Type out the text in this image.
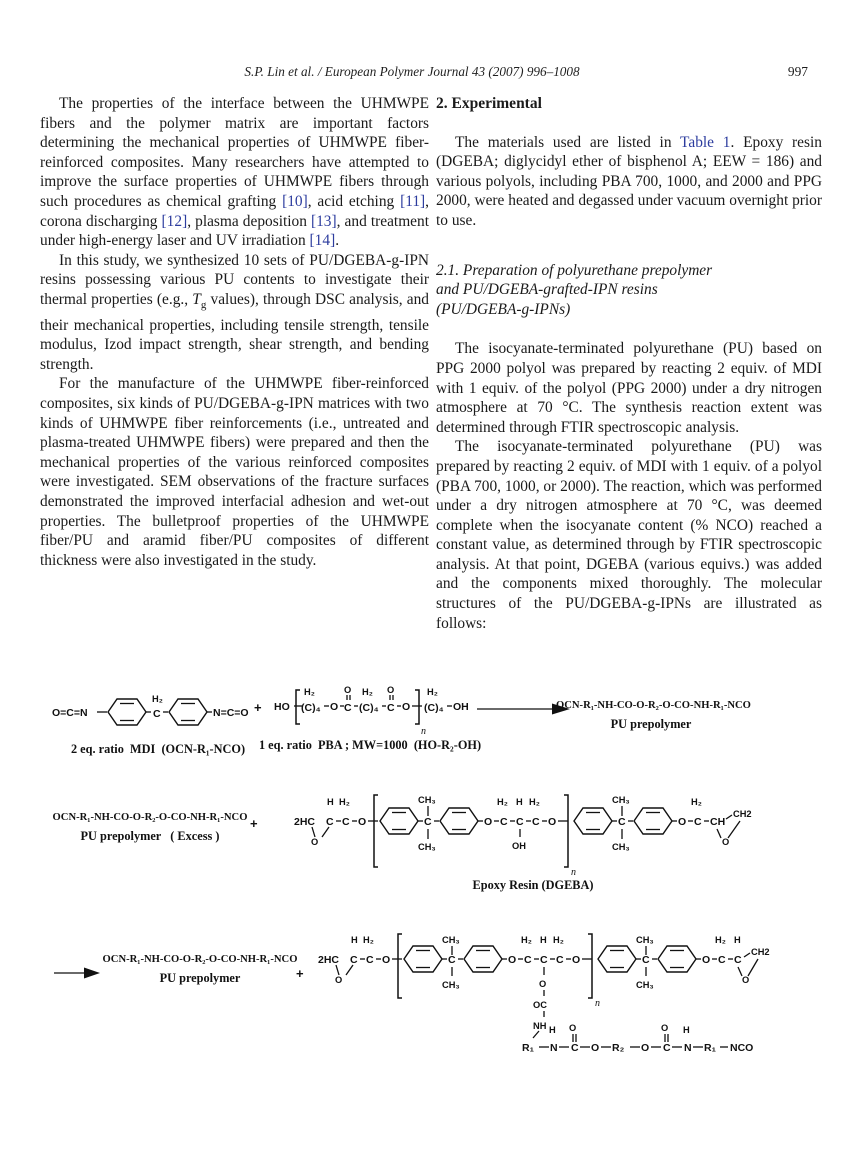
S.P. Lin et al. / European Polymer Journal 43 (2007) 996–1008	997

The properties of the interface between the UHMWPE fibers and the polymer matrix are important factors determining the mechanical properties of UHMWPE fiber-reinforced composites. Many researchers have attempted to improve the surface properties of UHMWPE fibers through such procedures as chemical grafting [10], acid etching [11], corona discharging [12], plasma deposition [13], and treatment under high-energy laser and UV irradiation [14].

In this study, we synthesized 10 sets of PU/DGEBA-g-IPN resins possessing various PU contents to investigate their thermal properties (e.g., $T_g$ values), through DSC analysis, and their mechanical properties, including tensile strength, tensile modulus, Izod impact strength, shear strength, and bending strength.

For the manufacture of the UHMWPE fiber-reinforced composites, six kinds of PU/DGEBA-g-IPN matrices with two kinds of UHMWPE fiber reinforcements (i.e., untreated and plasma-treated UHMWPE fibers) were prepared and then the mechanical properties of the various reinforced composites were investigated. SEM observations of the fracture surfaces demonstrated the improved interfacial adhesion and wet-out properties. The bulletproof properties of the UHMWPE fiber/PU and aramid fiber/PU composites of different thickness were also investigated in the study.

2. Experimental

The materials used are listed in Table 1. Epoxy resin (DGEBA; diglycidyl ether of bisphenol A; EEW = 186) and various polyols, including PBA 700, 1000, and 2000 and PPG 2000, were heated and degassed under vacuum overnight prior to use.

2.1. Preparation of polyurethane prepolymer
and PU/DGEBA-grafted-IPN resins
(PU/DGEBA-g-IPNs)

The isocyanate-terminated polyurethane (PU) based on PPG 2000 polyol was prepared by reacting 2 equiv. of MDI with 1 equiv. of the polyol (PPG 2000) under a dry nitrogen atmosphere at 70 °C. The synthesis reaction extent was determined through FTIR spectroscopic analysis.

The isocyanate-terminated polyurethane (PU) was prepared by reacting 2 equiv. of MDI with 1 equiv. of a polyol (PBA 700, 1000, or 2000). The reaction, which was performed under a dry nitrogen atmosphere at 70 °C, was deemed complete when the isocyanate content (% NCO) reached a constant value, as determined through by FTIR spectroscopic analysis. At that point, DGEBA (various equivs.) was added and the components mixed thoroughly. The molecular structures of the PU/DGEBA-g-IPNs are illustrated as follows:

O=C=N
H₂
C	N=C=O
2 eq. ratio  MDI  (OCN-R₁-NCO)
+ HO
H₂
(C)₄ O
O
C
H₂
(C)₄
O
C O
n
H₂
(C)₄ OH
1 eq. ratio  PBA ; MW=1000  (HO-R₂-OH)
OCN-R₁-NH-CO-O-R₂-O-CO-NH-R₁-NCO
PU prepolymer
OCN-R₁-NH-CO-O-R₂-O-CO-NH-R₁-NCO
PU prepolymer   ( Excess )
+	2HC
O
H
C
H₂
C O
CH₃
C
CH₃
O
H₂
C
H
C
OH
H₂
C O
n
CH₃
C
CH₃
O
H₂
C CH
CH2
O
Epoxy Resin (DGEBA)
OCN-R₁-NH-CO-O-R₂-O-CO-NH-R₁-NCO
PU prepolymer	+
2HC
O
H
C
H₂
C O
CH₃
C
CH₃
O
H₂
C
H
C
H₂
C O
n
CH₃
C
CH₃
O
H₂
C
H
C
CH2
O
O
OC
NH
R₁
H
N
O
C O R₂ O
O
C
H
N R₁ NCO
